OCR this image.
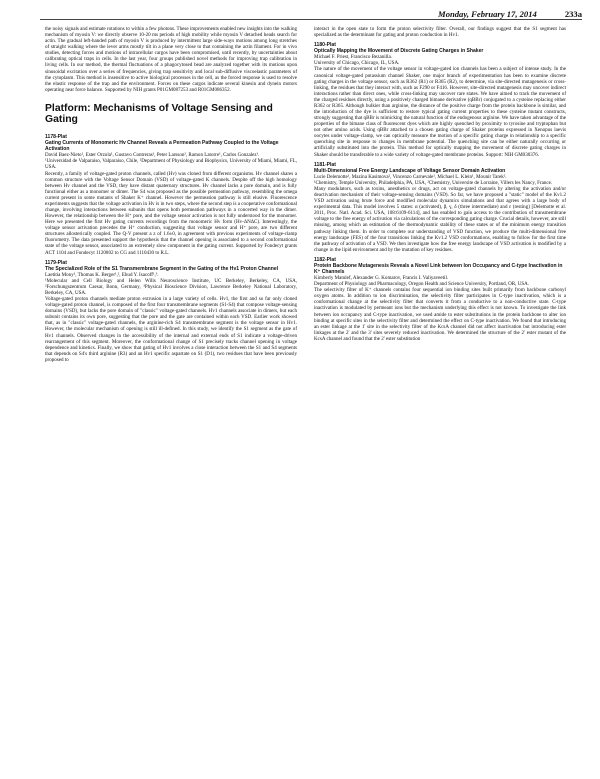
Monday, February 17, 2014	233a

the noisy signals and estimate rotations to within a few photons. These improvements enabled new insights into the walking mechanism of myosin V: we directly observe 10-20 ms periods of high mobility while myosin V detached heads search for actin. The gradual left-handed path of myosin V is produced by intermittent large side-ways motions among long stretches of straight walking where the lever arms mostly tilt in a plane very close to that containing the actin filament. For in vivo studies, detecting forces and motions of intracellular cargos have been compromised, until recently, by uncertainties about calibrating optical traps in cells. In the last year, four groups published novel methods for improving trap calibration in living cells. In our method, the thermal fluctuations of a phagocytosed bead are analyzed together with its motions upon sinusoidal excitation over a series of frequencies, giving trap sensitivity and local sub-diffusive viscoelastic parameters of the cytoplasm. This method is insensitive to active biological processes in the cell, as the forced response is used to resolve the elastic response of the trap and the environment. Forces on these cargos indicate several kinesin and dynein motors operating near force balance. Supported by NIH grants P01GM087253 and R01GM086352.

Platform: Mechanisms of Voltage Sensing and Gating
1178-Plat

Gating Currents of Monomeric Hv Channel Reveals a Permeation Pathway Coupled to the Voltage Activation

David Baez-Nieto¹, Ester Orzola¹, Gustavo Contreras¹, Peter Larsson², Ramon Latorre¹, Carlos Gonzalez¹.

¹Universidad de Valparaiso, Valparaiso, Chile, ²Department of Physiology and Biophysics, University of Miami, Miami, FL, USA.

Recently, a family of voltage-gated proton channels, called (Hv) was cloned from different organisms. Hv channel shares a common structure with the Voltage Sensor Domain (VSD) of voltage-gated K channels. Despite off the high homology between Hv channel and the VSD, they have distant quaternary structures. Hv channel lacks a pore domain, and is fully functional either as a monomer or dimer. The S4 was proposed as the possible permeation pathway, resembling the omega current present in some mutants of Shaker K⁺ channel. However the permeation pathway is still elusive. Fluorescence experiments suggests that the voltage activation in Hv is in two steps, where the second step is a cooperative conformational change, involving interactions between subunits that opens both permeation pathways in a concerted way in the dimer. However, the relationship between the H⁺ pore, and the voltage sensor activation is not fully understood for the monomer. Here we presented the first Hv gating currents recordings from the monomeric Hv form (Hv-ΔNΔC). Interestingly, the voltage sensor activation precedes the H⁺ conduction, suggesting that voltage sensor and H⁺ pore, are two different structures allosterically coupled. The Q-V present a z of 1.6±0, in agreement with previous experiments of voltage-clamp fluorometry. The data presented support the hypothesis that the channel opening is associated to a second conformational state of the voltage sensor, associated to an extremely slow component in the gating current. Supported by Fondecyt grants ACT 1104 and Fondecyt 1120802 to CG and 1110430 to R.L.

1179-Plat

The Specialized Role of the S1 Transmembrane Segment in the Gating of the Hv1 Proton Channel

Laetitia Mony¹, Thomas K. Berger¹,², Ehud Y. Isacoff¹,³.

¹Molecular and Cell Biology and Helen Wills Neuroscience Institute, UC Berkeley, Berkeley, CA, USA, ²Forschungszentrum Caesar, Bonn, Germany, ³Physical Bioscience Division, Lawrence Berkeley National Laboratory, Berkeley, CA, USA.

Voltage-gated proton channels mediate proton extrusion in a large variety of cells. Hv1, the first and so far only cloned voltage-gated proton channel, is composed of the first four transmembrane segments (S1-S4) that compose voltage-sensing domains (VSD), but lacks the pore domain of "classic" voltage-gated channels. Hv1 channels associate in dimers, but each subunit contains its own pore, suggesting that the pore and the gate are contained within each VSD. Earlier work showed that, as in "classic" voltage-gated channels, the arginine-rich S4 transmembrane segment is the voltage sensor in Hv1. However, the molecular mechanism of opening is still ill-defined. In this study, we identify the S1 segment as the gate of Hv1 channels. Observed changes in the accessibility of the internal and external ends of S1 indicate a voltage-driven rearrangement of this segment. Moreover, the conformational change of S1 precisely tracks channel opening in voltage dependence and kinetics. Finally, we show that gating of Hv1 involves a close interaction between the S1 and S4 segments that depends on S4's third arginine (R3) and an Hv1 specific aspartate on S1 (D1), two residues that have been previously proposed to

interact in the open state to form the proton selectivity filter. Overall, our findings suggest that the S1 segment has specialized as the determinant for gating and proton conduction in Hv1.

1180-Plat

Optically Mapping the Movement of Discrete Gating Charges in Shaker

Michael F. Priest, Francisco Bezanilla.

University of Chicago, Chicago, IL, USA.

The nature of the movement of the voltage sensor in voltage-gated ion channels has been a subject of intense study. In the canonical voltage-gated potassium channel Shaker, one major branch of experimentation has been to examine discrete gating charges in the voltage sensor, such as R362 (R1) or R365 (R2), to determine, via site-directed mutagenesis or cross-linking, the residues that they interact with, such as F290 or F416. However, site-directed mutagenesis may uncover indirect interactions rather than direct ones, while cross-linking may uncover rare states. We have aimed to track the movement of the charged residues directly, using a positively charged bimane derivative (qBBr) conjugated to a cysteine replacing either R362 or R365. Although bulkier than arginine, the distance of the positive charge from the protein backbone is similar, and the introduction of the dye is sufficient to restore typical gating current properties to these cysteine mutant constructs, strongly suggesting that qBBr is mimicking the natural function of the endogenous arginine. We have taken advantage of the properties of the bimane class of fluorescent dyes which are highly quenched by proximity to tyrosine and tryptophan but not other amino acids. Using qBBr attached to a chosen gating charge of Shaker proteins expressed in Xenopus laevis oocytes under voltage-clamp, we can optically measure the motion of a specific gating charge in relationship to a specific quenching site in response to changes in membrane potential. The quenching site can be either naturally occurring or artificially substituted into the protein. This method for optically mapping the movement of discrete gating charges in Shaker should be transferable to a wide variety of voltage-gated membrane proteins. Support: NIH GM030376.

1181-Plat

Multi-Dimensional Free Energy Landscape of Voltage Sensor Domain Activation

Lucie Delemotte¹, Mazina Kasimova², Vincenzo Carnevale¹, Michael L. Klein¹, Mounir Tarek².

¹Chemistry, Temple University, Philadelphia, PA, USA, ²Chemistry, Universite de Lorraine, Villers les Nancy, France.

Many modulators, such as toxins, anesthetics or drugs, act on voltage-gated channels by altering the activation and/or deactivation mechanism of their voltage-sensing domains (VSD). So far, we have proposed a "static" model of the Kv1.2 VSD activation using brute force and modified molecular dynamics simulations and that agrees with a large body of experimental data. This model involves 5 states: α (activated), β, γ, δ (three intermediate) and ε (resting) [Delemotte et al. 2011, Proc. Natl. Acad. Sci. USA, 108:6109-6114], and has enabled to gain access to the contribution of transmembrane voltage to the free energy of activation via calculations of the corresponding gating charge. Crucial details, however, are still missing, among which an estimation of the thermodynamic stability of these states or of the minimum energy transition pathway linking them. In order to complete our understanding of VSD function, we produce the multi-dimensional free energy landscape (FES) of the four transitions linking the Kv1.2 VSD conformations, enabling to follow for the first time the pathway of activation of a VSD. We then investigate how the free energy landscape of VSD activation is modified by a change in the lipid environment and by the mutation of key residues.

1182-Plat

Protein Backbone Mutagenesis Reveals a Novel Link between Ion Occupancy and C-type Inactivation in K⁺ Channels

Kimberly Matulef, Alexander G. Komarov, Francis I. Valiyaveetil.

Department of Physiology and Pharmacology, Oregon Health and Science University, Portland, OR, USA.

The selectivity filter of K⁺ channels contains four sequential ion binding sites built primarily from backbone carbonyl oxygen atoms. In addition to ion discrimination, the selectivity filter participates in C-type inactivation, which is a conformational change at the selectivity filter that converts it from a conductive to a non-conductive state. C-type inactivation is modulated by permeant ions but the mechanism underlying this effect is not known. To investigate the link between ion occupancy and C-type inactivation, we used amide to ester substitutions in the protein backbone to alter ion binding at specific sites in the selectivity filter and determined the effect on C-type inactivation. We found that introducing an ester linkage at the 1' site in the selectivity filter of the KcsA channel did not affect inactivation but introducing ester linkages at the 2' and the 3' sites severely reduced inactivation. We determined the structure of the 2' ester mutant of the KcsA channel and found that the 2' ester substitution
